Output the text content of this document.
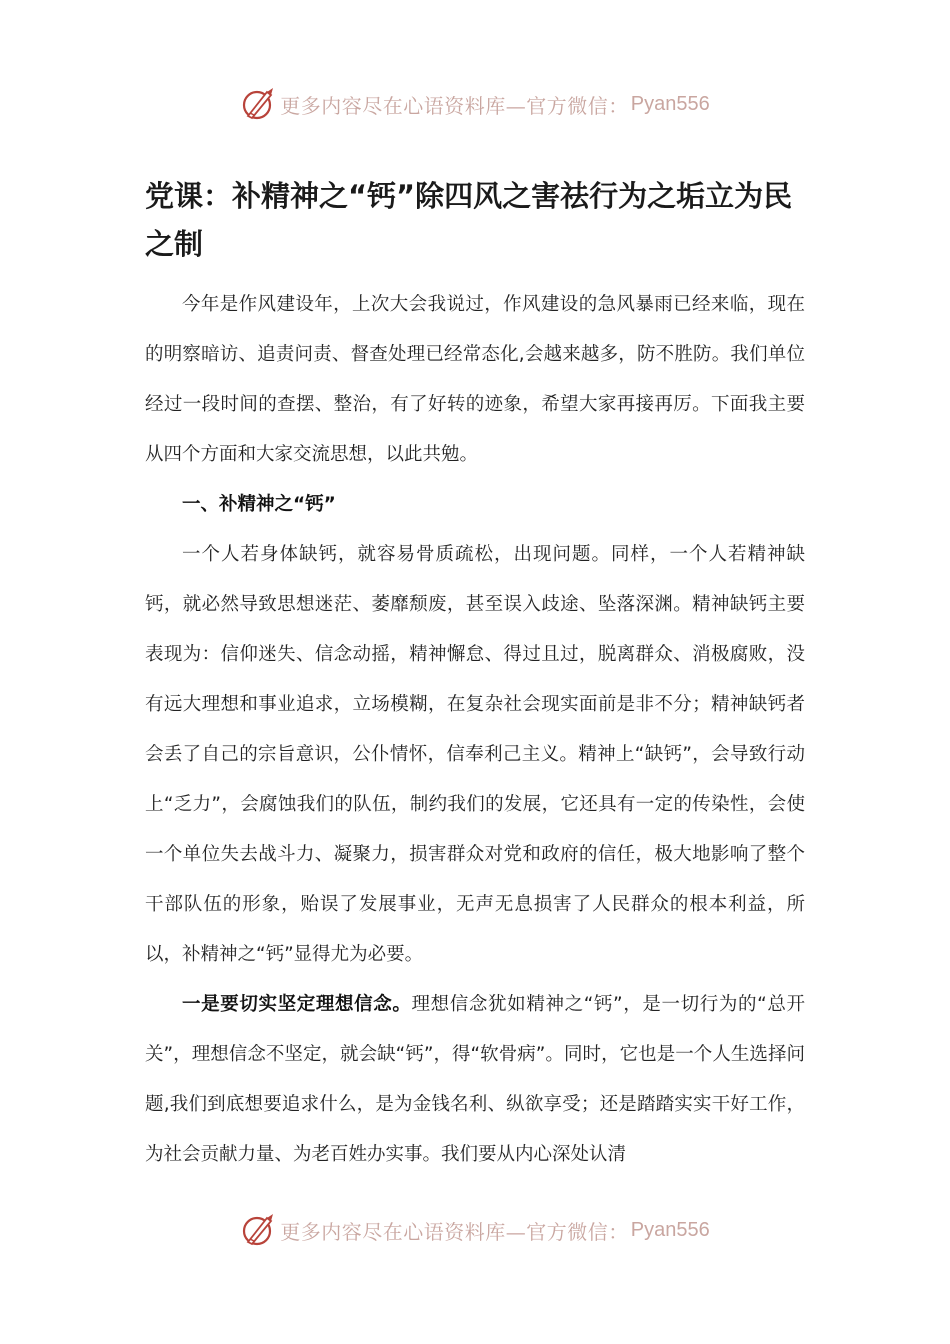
更多内容尽在心语资料库—官方微信： Pyan556
党课：补精神之“钙”除四风之害祛行为之垢立为民之制

今年是作风建设年，上次大会我说过，作风建设的急风暴雨已经来临，现在的明察暗访、追责问责、督查处理已经常态化,会越来越多，防不胜防。我们单位经过一段时间的查摆、整治，有了好转的迹象，希望大家再接再厉。下面我主要从四个方面和大家交流思想，以此共勉。

一、补精神之“钙”

一个人若身体缺钙，就容易骨质疏松，出现问题。同样，一个人若精神缺钙，就必然导致思想迷茫、萎靡颓废，甚至误入歧途、坠落深渊。精神缺钙主要表现为：信仰迷失、信念动摇，精神懈怠、得过且过，脱离群众、消极腐败，没有远大理想和事业追求，立场模糊，在复杂社会现实面前是非不分；精神缺钙者会丢了自己的宗旨意识，公仆情怀，信奉利己主义。精神上“缺钙”，会导致行动上“乏力”，会腐蚀我们的队伍，制约我们的发展，它还具有一定的传染性，会使一个单位失去战斗力、凝聚力，损害群众对党和政府的信任，极大地影响了整个干部队伍的形象，贻误了发展事业，无声无息损害了人民群众的根本利益，所以，补精神之“钙”显得尤为必要。

一是要切实坚定理想信念。理想信念犹如精神之“钙”，是一切行为的“总开关”，理想信念不坚定，就会缺“钙”，得“软骨病”。同时，它也是一个人生选择问题,我们到底想要追求什么，是为金钱名利、纵欲享受；还是踏踏实实干好工作，为社会贡献力量、为老百姓办实事。我们要从内心深处认清

更多内容尽在心语资料库—官方微信： Pyan556
